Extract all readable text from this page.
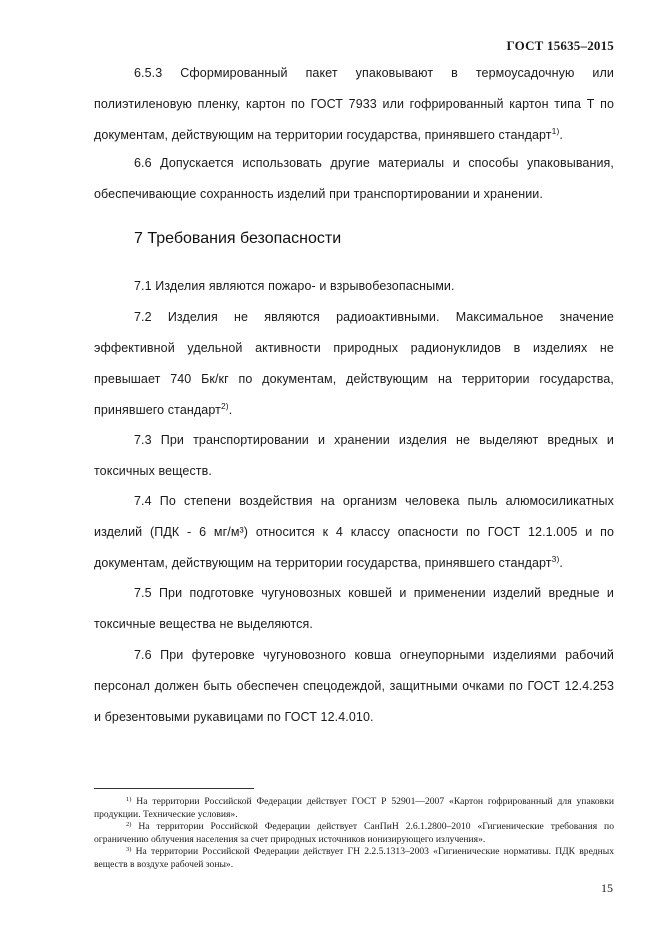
ГОСТ 15635–2015

6.5.3 Сформированный пакет упаковывают в термоусадочную или полиэтиленовую пленку, картон по ГОСТ 7933 или гофрированный картон типа Т по документам, действующим на территории государства, принявшего стандарт$^{1)}$.

6.6 Допускается использовать другие материалы и способы упаковывания, обеспечивающие сохранность изделий при транспортировании и хранении.

7 Требования безопасности

7.1 Изделия являются пожаро- и взрывобезопасными.

7.2 Изделия не являются радиоактивными. Максимальное значение эффективной удельной активности природных радионуклидов в изделиях не превышает 740 Бк/кг по документам, действующим на территории государства, принявшего стандарт$^{2)}$.

7.3 При транспортировании и хранении изделия не выделяют вредных и токсичных веществ.

7.4 По степени воздействия на организм человека пыль алюмосиликатных изделий (ПДК - 6 мг/м³) относится к 4 классу опасности по ГОСТ 12.1.005 и по документам, действующим на территории государства, принявшего стандарт$^{3)}$.

7.5 При подготовке чугуновозных ковшей и применении изделий вредные и токсичные вещества не выделяются.

7.6 При футеровке чугуновозного ковша огнеупорными изделиями рабочий персонал должен быть обеспечен спецодеждой, защитными очками по ГОСТ 12.4.253 и брезентовыми рукавицами по ГОСТ 12.4.010.

$^{1)}$ На территории Российской Федерации действует ГОСТ Р 52901—2007 «Картон гофрированный для упаковки продукции. Технические условия».

$^{2)}$ На территории Российской Федерации действует СанПиН 2.6.1.2800–2010 «Гигиенические требования по ограничению облучения населения за счет природных источников ионизирующего излучения».

$^{3)}$ На территории Российской Федерации действует ГН 2.2.5.1313–2003 «Гигиенические нормативы. ПДК вредных веществ в воздухе рабочей зоны».

15
